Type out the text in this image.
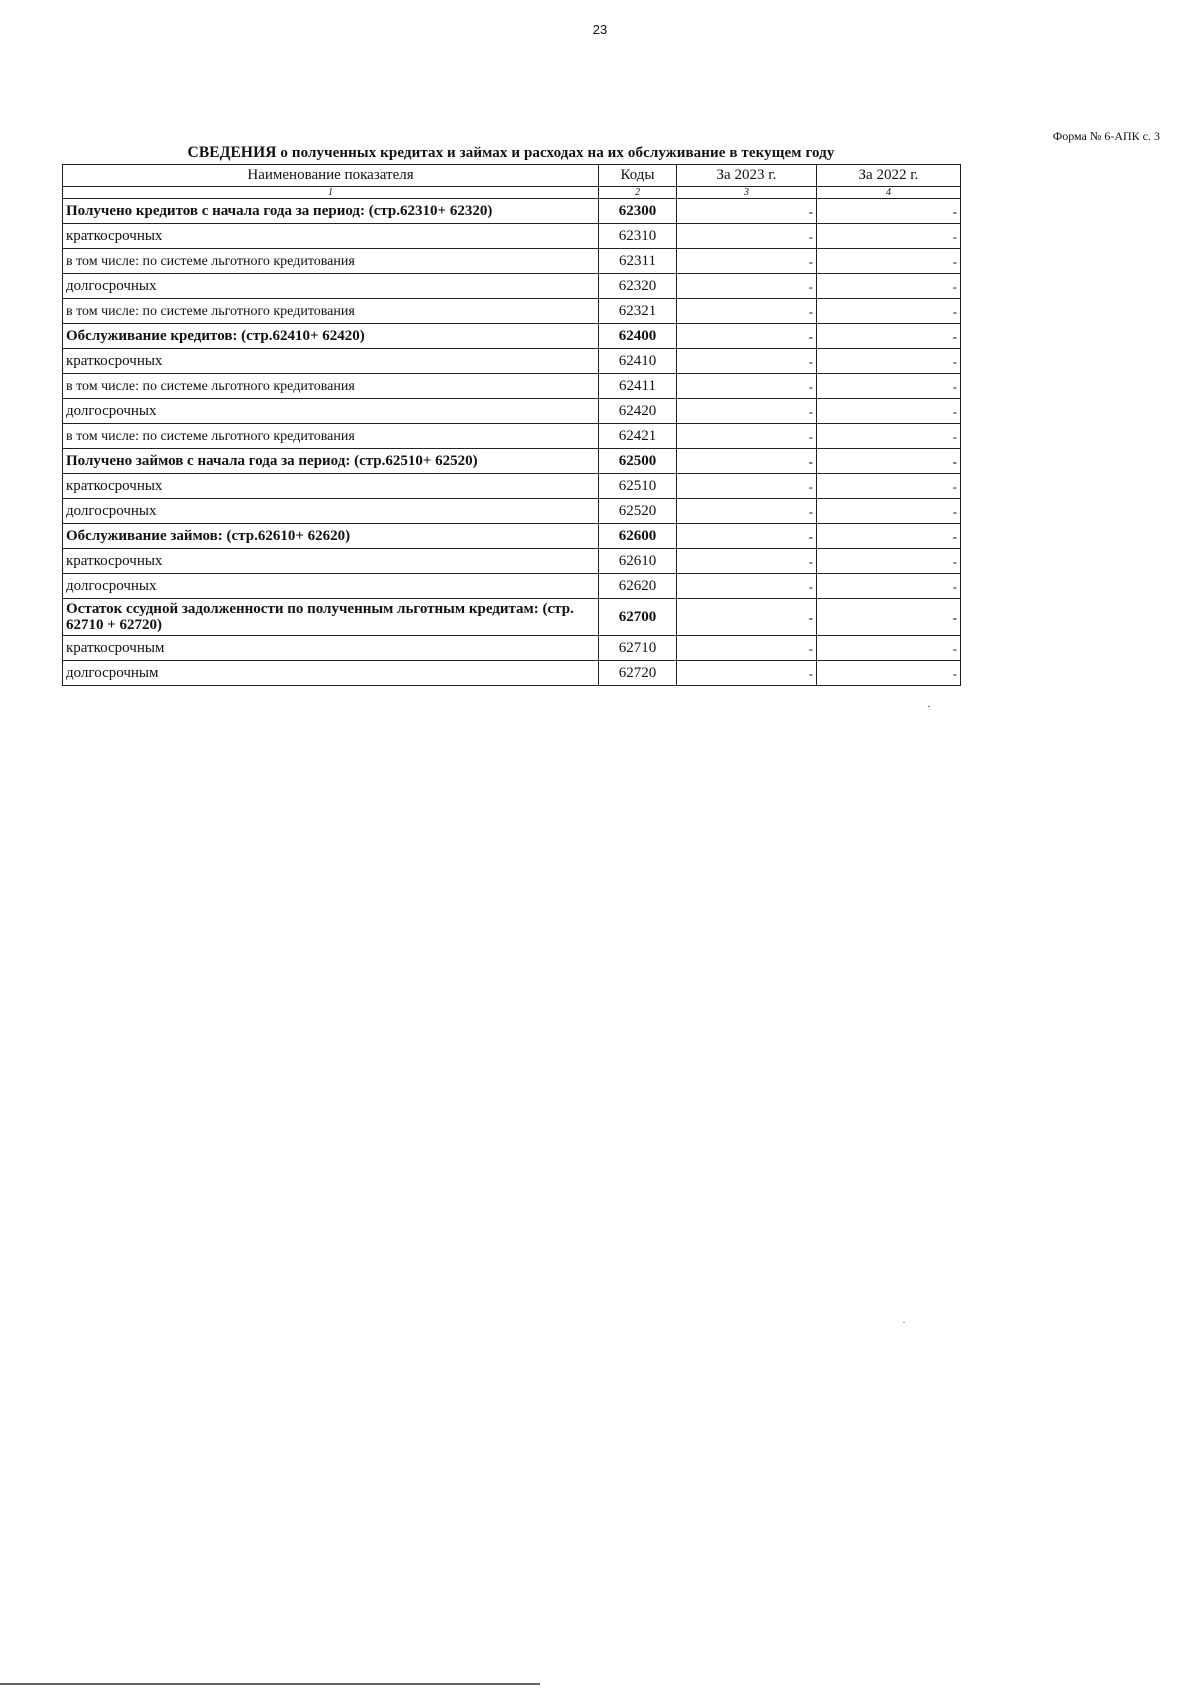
23
Форма № 6-АПК с. 3
СВЕДЕНИЯ о полученных кредитах и займах и расходах на их обслуживание в текущем году
Наименование показателя	Коды	За 2023 г.	За 2022 г.
1	2	3	4
Получено кредитов с начала года за период: (стр.62310+ 62320)	62300	-	-
краткосрочных	62310	-	-
в том числе: по системе льготного кредитования	62311	-	-
долгосрочных	62320	-	-
в том числе: по системе льготного кредитования	62321	-	-
Обслуживание кредитов: (стр.62410+ 62420)	62400	-	-
краткосрочных	62410	-	-
в том числе: по системе льготного кредитования	62411	-	-
долгосрочных	62420	-	-
в том числе: по системе льготного кредитования	62421	-	-
Получено займов с начала года за период: (стр.62510+ 62520)	62500	-	-
краткосрочных	62510	-	-
долгосрочных	62520	-	-
Обслуживание займов: (стр.62610+ 62620)	62600	-	-
краткосрочных	62610	-	-
долгосрочных	62620	-	-
Остаток ссудной задолженности по полученным льготным кредитам: (стр. 62710 + 62720)	62700	-	-
краткосрочным	62710	-	-
долгосрочным	62720	-	-
